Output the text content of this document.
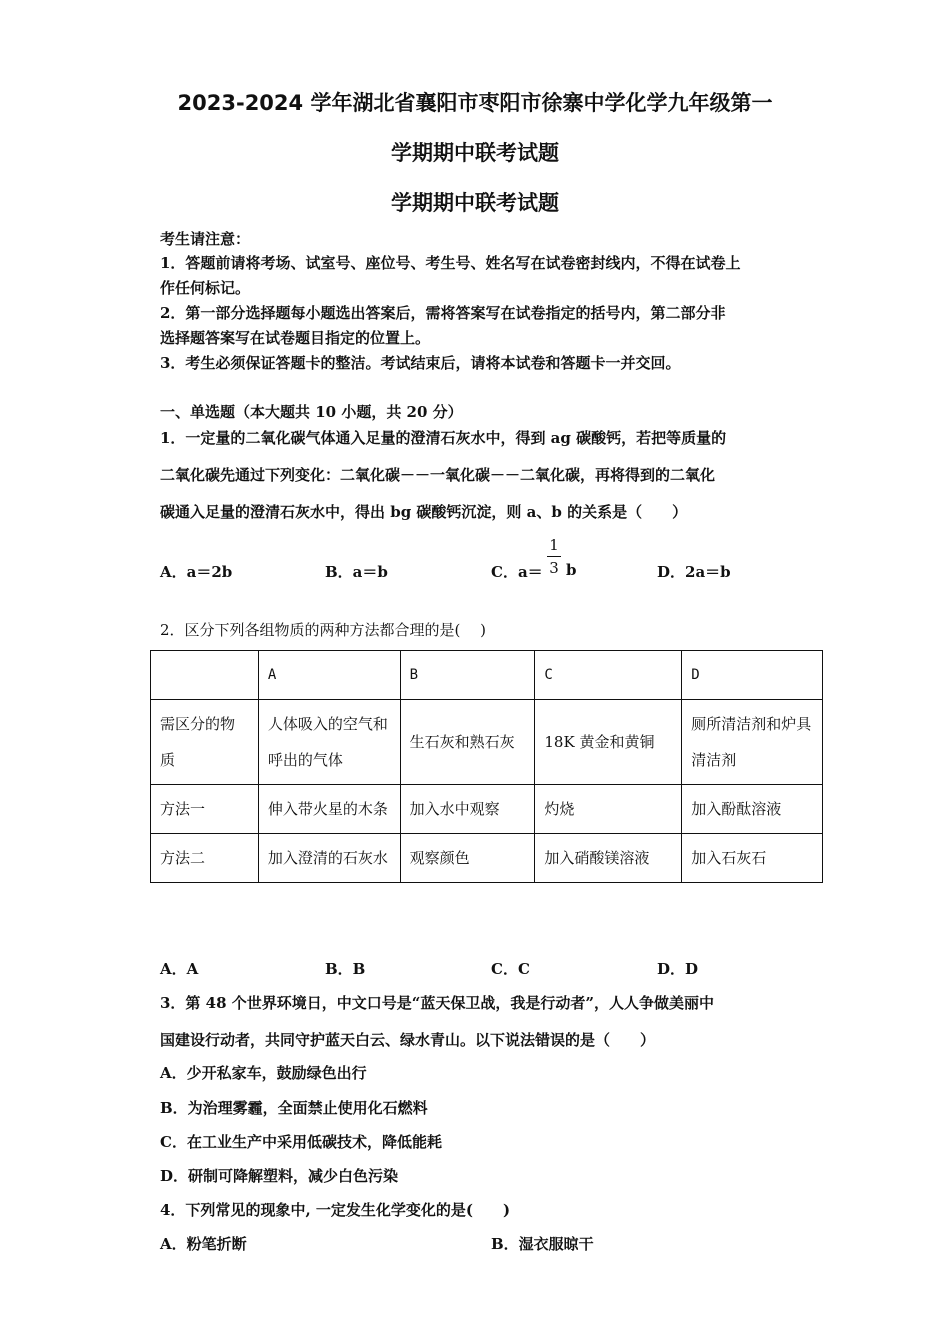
2023-2024 学年湖北省襄阳市枣阳市徐寨中学化学九年级第一
学期期中联考试题
学期期中联考试题
考生请注意：
1．答题前请将考场、试室号、座位号、考生号、姓名写在试卷密封线内，不得在试卷上
作任何标记。
2．第一部分选择题每小题选出答案后，需将答案写在试卷指定的括号内，第二部分非
选择题答案写在试卷题目指定的位置上。
3．考生必须保证答题卡的整洁。考试结束后，请将本试卷和答题卡一并交回。
一、单选题（本大题共 10 小题，共 20 分）
1．一定量的二氧化碳气体通入足量的澄清石灰水中，得到 ag 碳酸钙，若把等质量的
二氧化碳先通过下列变化：二氧化碳－－一氧化碳－－二氧化碳，再将得到的二氧化
碳通入足量的澄清石灰水中，得出 bg 碳酸钙沉淀，则 a、b 的关系是（　　）
A．a＝2b	B．a＝b	C．a＝
1
3 b	D．2a＝b
2．区分下列各组物质的两种方法都合理的是(　 )
	A	B	C	D
需区分的物质	人体吸入的空气和呼出的气体	生石灰和熟石灰	18K 黄金和黄铜	厕所清洁剂和炉具清洁剂
方法一	伸入带火星的木条	加入水中观察	灼烧	加入酚酞溶液
方法二	加入澄清的石灰水	观察颜色	加入硝酸镁溶液	加入石灰石
A．A	B．B	C．C	D．D
3．第 48 个世界环境日，中文口号是“蓝天保卫战，我是行动者”，人人争做美丽中
国建设行动者，共同守护蓝天白云、绿水青山。以下说法错误的是（　　）
A．少开私家车，鼓励绿色出行
B．为治理雾霾，全面禁止使用化石燃料
C．在工业生产中采用低碳技术，降低能耗
D．研制可降解塑料，减少白色污染
4．下列常见的现象中, 一定发生化学变化的是(　　)
A．粉笔折断	B．湿衣服晾干
